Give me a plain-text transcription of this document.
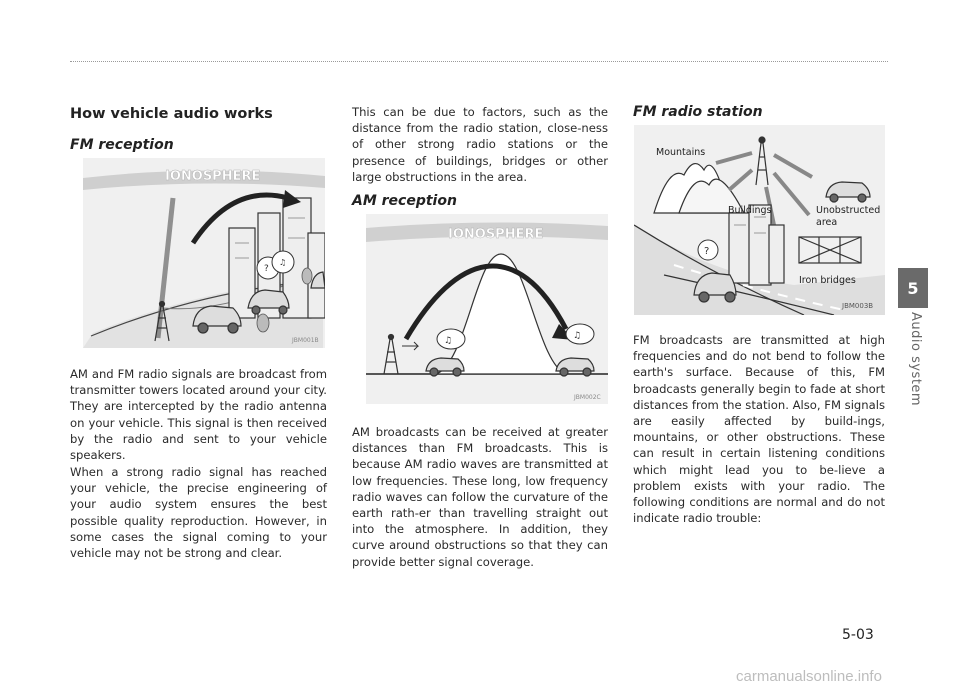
How vehicle audio works
FM reception
IONOSPHERE
?
♫
JBM001B

AM and FM radio signals are broadcast from transmitter towers located around your city. They are intercepted by the radio antenna on your vehicle. This signal is then received by the radio and sent to your vehicle speakers.

When a strong radio signal has reached your vehicle, the precise engineering of your audio system ensures the best possible quality reproduction. However, in some cases the signal coming to your vehicle may not be strong and clear.

This can be due to factors, such as the distance from the radio station, close-ness of other strong radio stations or the presence of buildings, bridges or other large obstructions in the area.

AM reception
IONOSPHERE
♫	♫
JBM002C

AM broadcasts can be received at greater distances than FM broadcasts. This is because AM radio waves are transmitted at low frequencies. These long, low frequency radio waves can follow the curvature of the earth rath-er than travelling straight out into the atmosphere. In addition, they curve around obstructions so that they can provide better signal coverage.

FM radio station
?
Mountains
Buildings	Unobstructed
area
Iron bridges
JBM003B

FM broadcasts are transmitted at high frequencies and do not bend to follow the earth's surface. Because of this, FM broadcasts generally begin to fade at short distances from the station. Also, FM signals are easily affected by build-ings, mountains, or other obstructions. These can result in certain listening conditions which might lead you to be-lieve a problem exists with your radio. The following conditions are normal and do not indicate radio trouble:

5
Audio system
5-03
carmanualsonline.info
